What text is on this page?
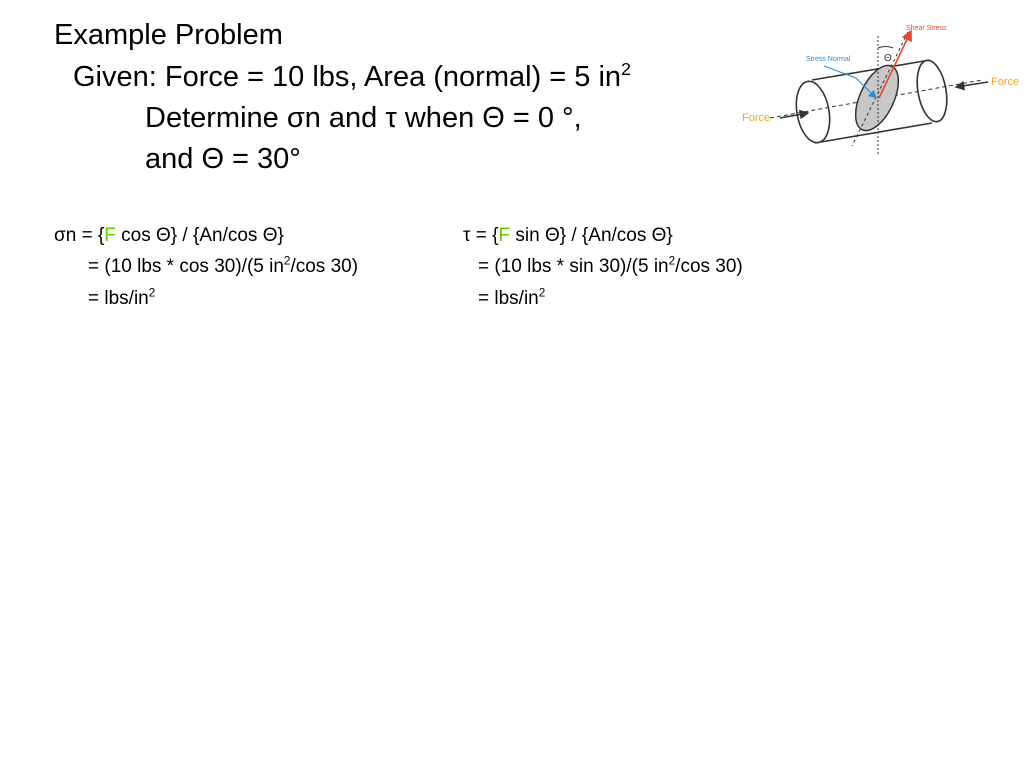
Example Problem
Given: Force = 10 lbs, Area (normal) = 5 $in^2$
Determine σn and τ when Θ = 0 °,
and Θ = 30°
σn = {F cos Θ} / {An/cos Θ}
= (10 lbs * cos 30)/(5 $in^2/\cos$ 30)
= lbs/$in^2$
τ = {F sin Θ} / {An/cos Θ}
= (10 lbs * sin 30)/(5 $in^2/\cos$ 30)
= lbs/$in^2$
Shear Stress
Stress Normal	Θ
Force
Force
